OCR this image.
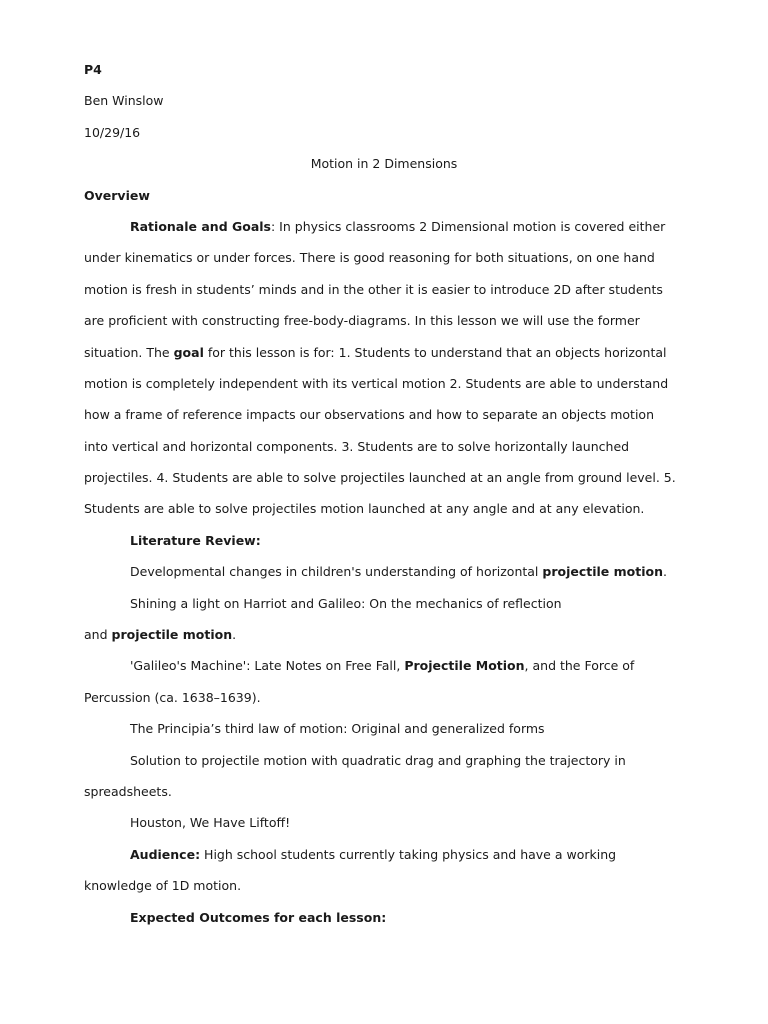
P4
Ben Winslow
10/29/16
Motion in 2 Dimensions
Overview
Rationale and Goals: In physics classrooms 2 Dimensional motion is covered either
under kinematics or under forces. There is good reasoning for both situations, on one hand
motion is fresh in students’ minds and in the other it is easier to introduce 2D after students
are proficient with constructing free-body-diagrams. In this lesson we will use the former
situation. The goal for this lesson is for: 1. Students to understand that an objects horizontal
motion is completely independent with its vertical motion 2. Students are able to understand
how a frame of reference impacts our observations and how to separate an objects motion
into vertical and horizontal components. 3. Students are to solve horizontally launched
projectiles. 4. Students are able to solve projectiles launched at an angle from ground level. 5.
Students are able to solve projectiles motion launched at any angle and at any elevation.
Literature Review:
Developmental changes in children's understanding of horizontal projectile motion.
Shining a light on Harriot and Galileo: On the mechanics of reflection
and projectile motion.
'Galileo's Machine': Late Notes on Free Fall, Projectile Motion, and the Force of
Percussion (ca. 1638–1639).
The Principia’s third law of motion: Original and generalized forms
Solution to projectile motion with quadratic drag and graphing the trajectory in
spreadsheets.
Houston, We Have Liftoff!
Audience: High school students currently taking physics and have a working
knowledge of 1D motion.
Expected Outcomes for each lesson:
